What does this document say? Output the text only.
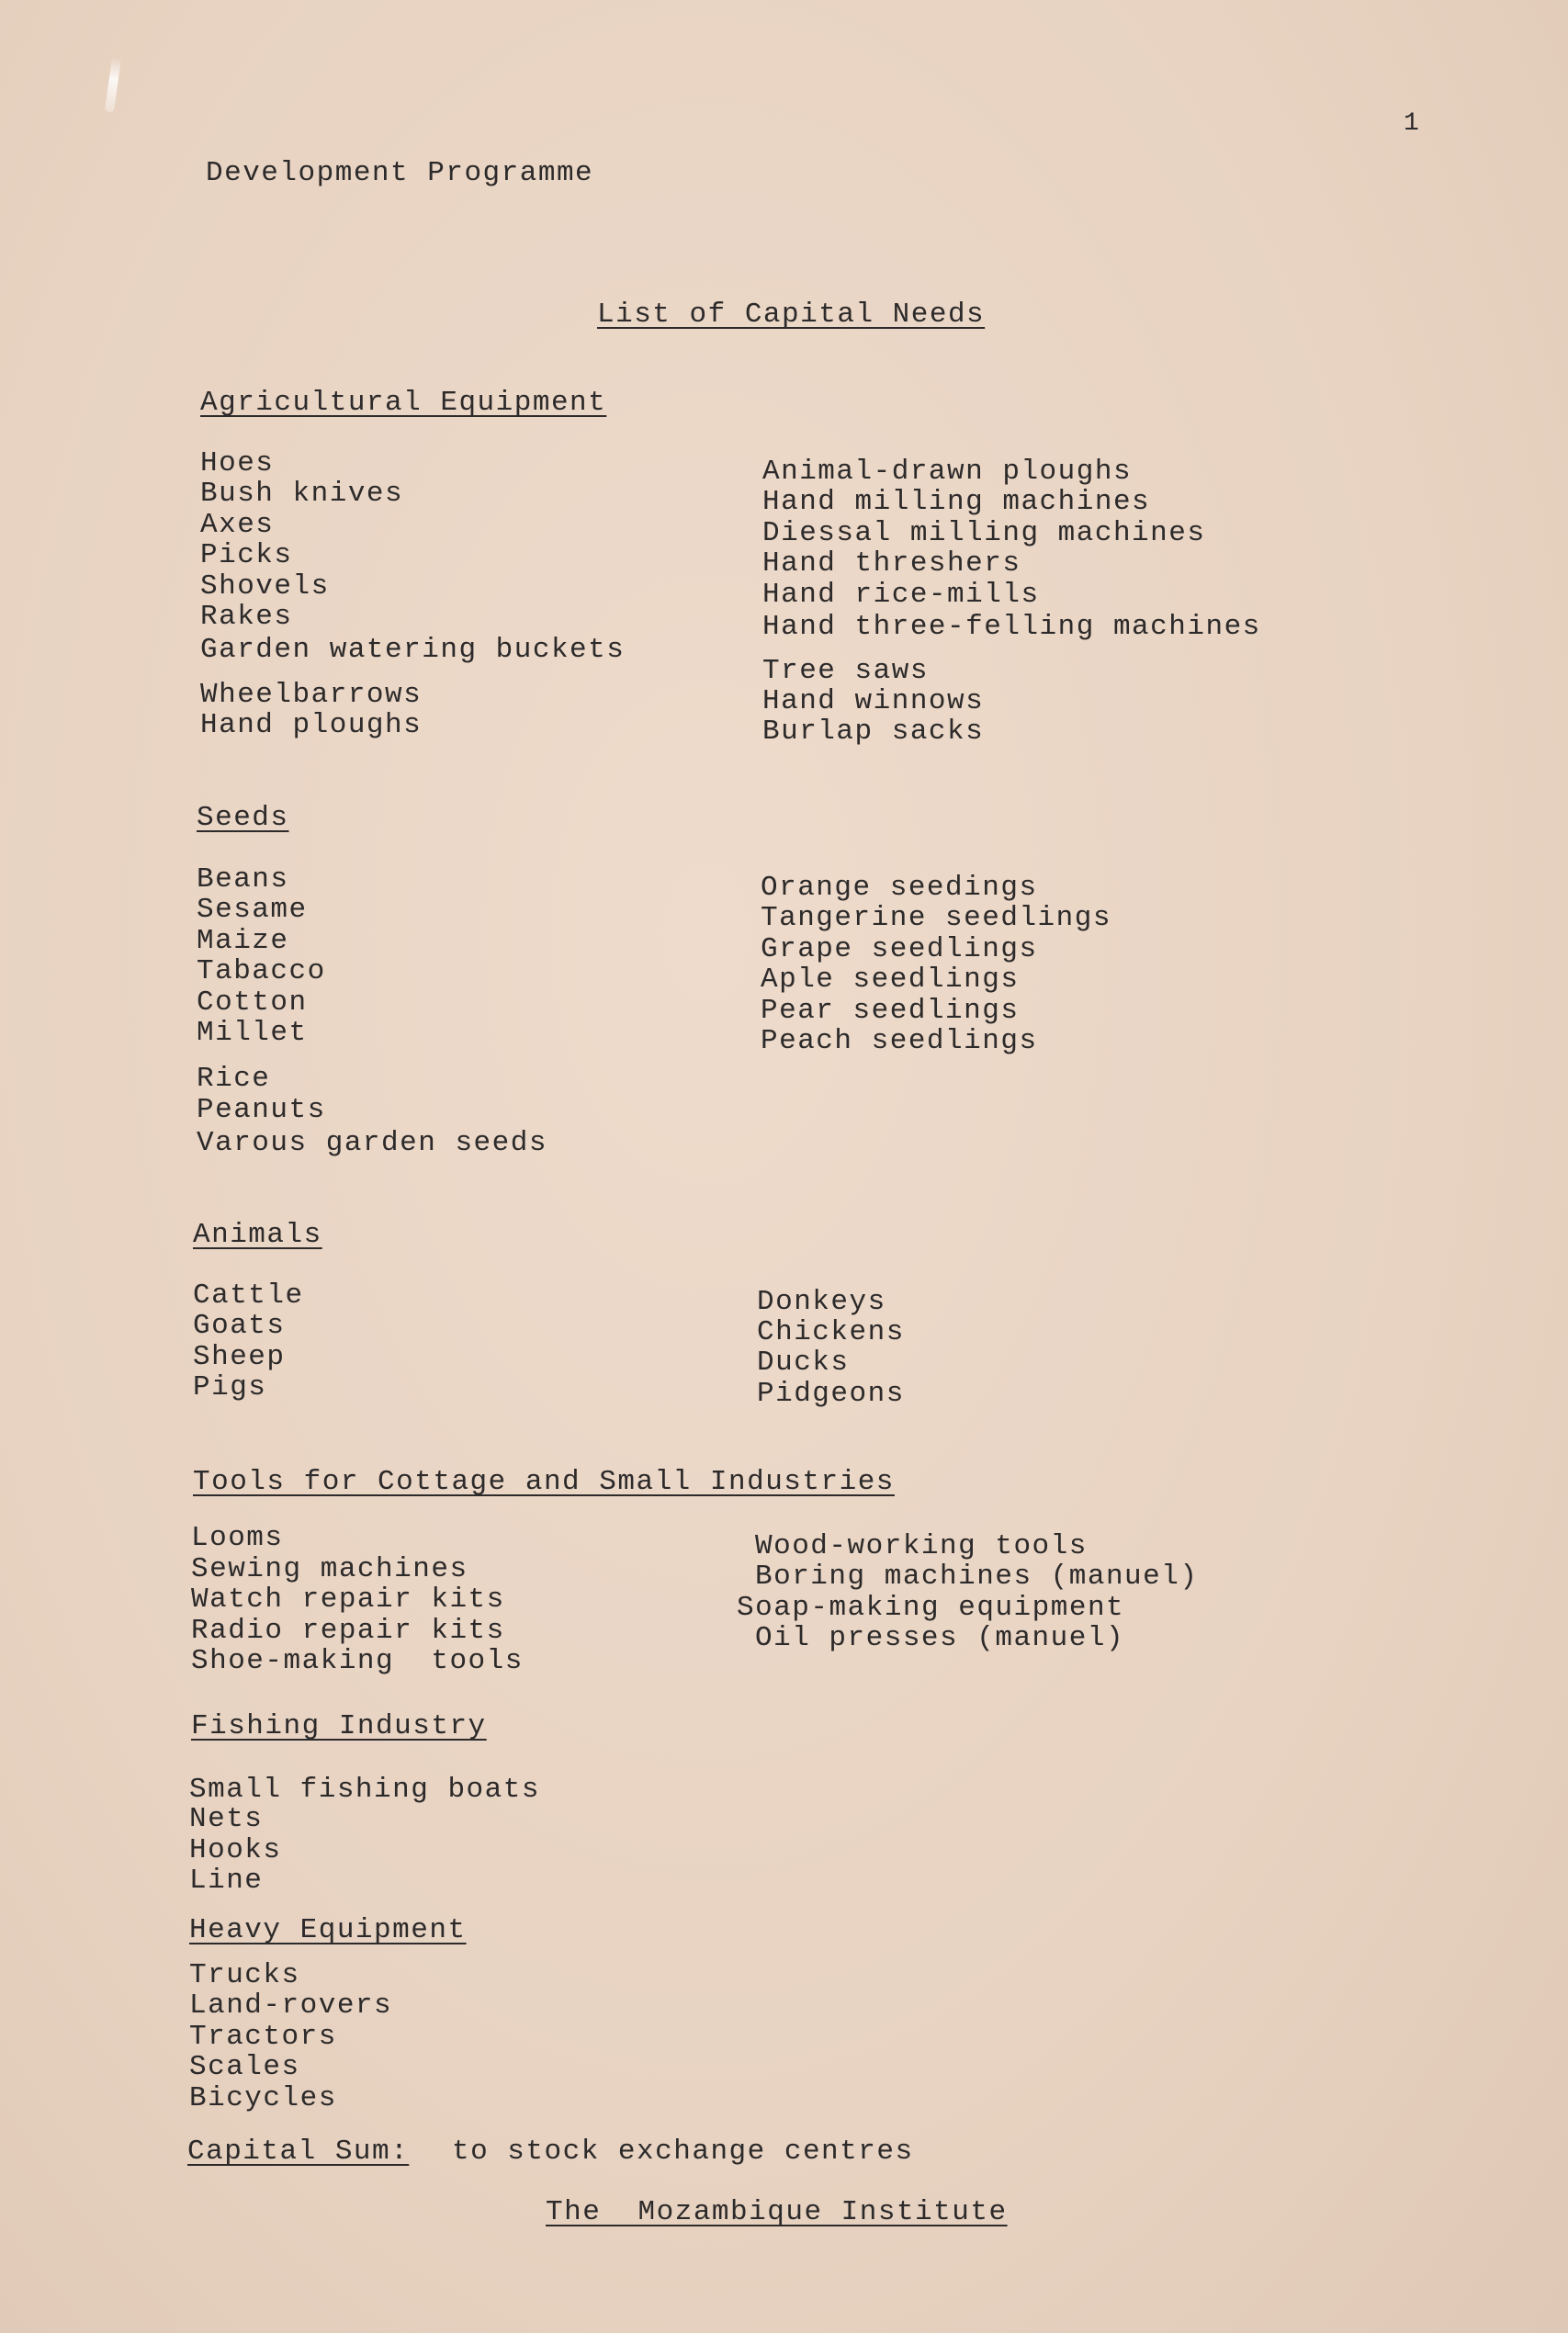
1
Development Programme
List of Capital Needs
Agricultural Equipment
Hoes
Bush knives
Axes
Picks
Shovels
Rakes
Garden watering buckets
Wheelbarrows
Hand ploughs
Animal-drawn ploughs
Hand milling machines
Diessal milling machines
Hand threshers
Hand rice-mills
Hand three-felling machines
Tree saws
Hand winnows
Burlap sacks
Seeds
Beans
Sesame
Maize
Tabacco
Cotton
Millet
Rice
Peanuts
Varous garden seeds
Orange seedings
Tangerine seedlings
Grape seedlings
Aple seedlings
Pear seedlings
Peach seedlings
Animals
Cattle
Goats
Sheep
Pigs
Donkeys
Chickens
Ducks
Pidgeons
Tools for Cottage and Small Industries
Looms
Sewing machines
Watch repair kits
Radio repair kits
Shoe-making  tools
Wood-working tools
Boring machines (manuel)
Soap-making equipment
Oil presses (manuel)
Fishing Industry
Small fishing boats
Nets
Hooks
Line
Heavy Equipment
Trucks
Land-rovers
Tractors
Scales
Bicycles
Capital Sum: to stock exchange centres
The  Mozambique Institute
